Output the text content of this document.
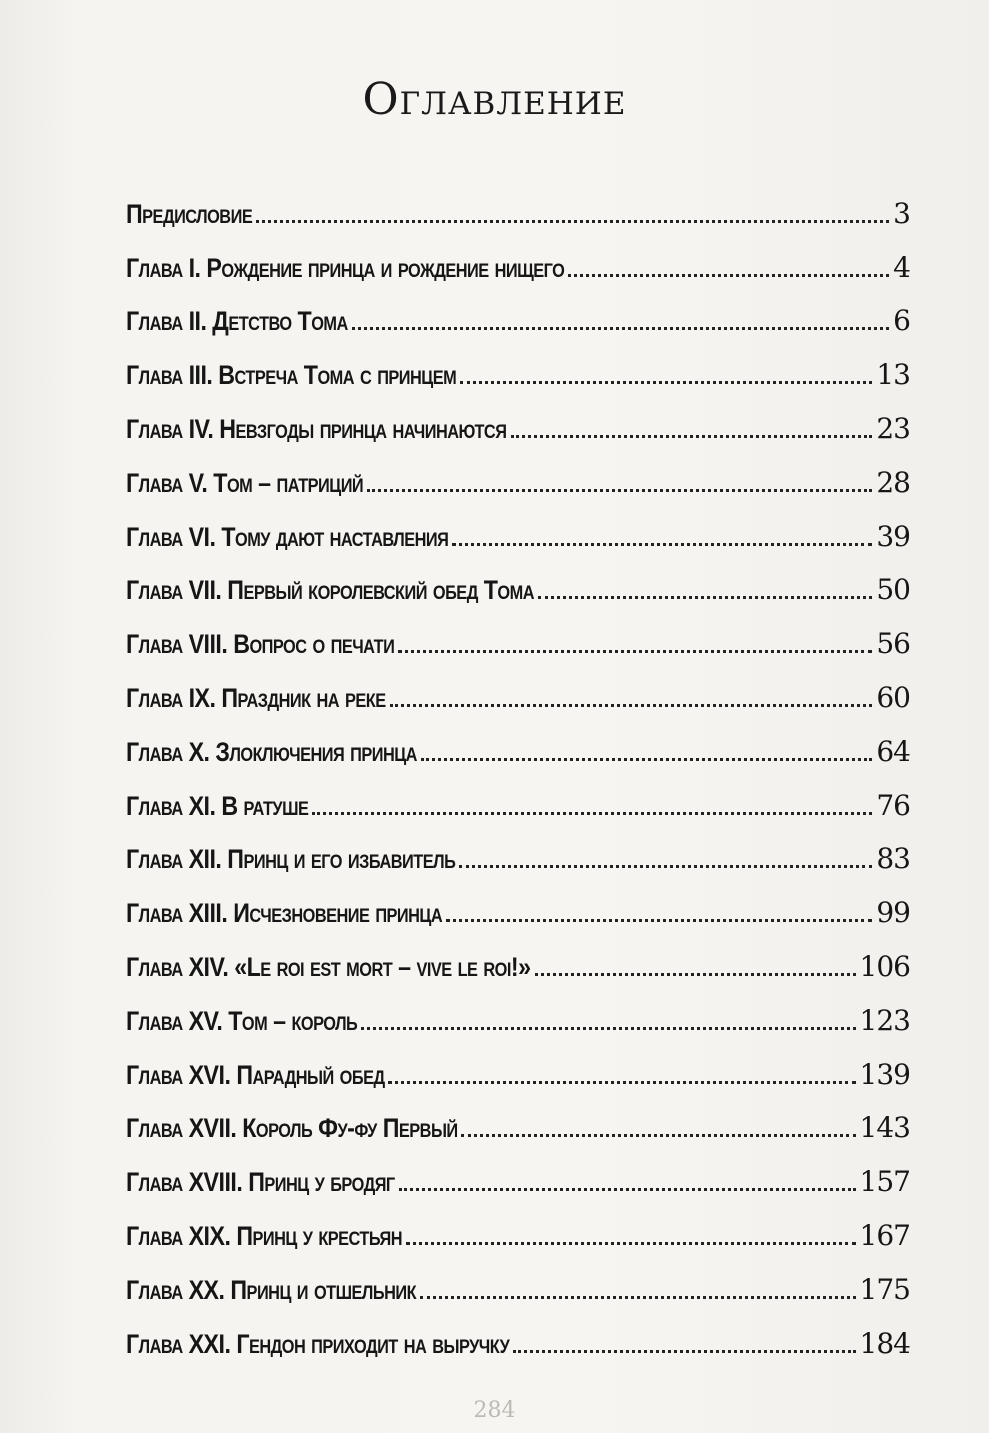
Оглавление
Предисловие	3
Глава I. Рождение принца и рождение нищего	4
Глава II. Детство Тома	6
Глава III. Встреча Тома с принцем	13
Глава IV. Невзгоды принца начинаются	23
Глава V. Том – патриций	28
Глава VI. Тому дают наставления	39
Глава VII. Первый королевский обед Тома	50
Глава VIII. Вопрос о печати	56
Глава IX. Праздник на реке	60
Глава X. Злоключения принца	64
Глава XI. В ратуше	76
Глава XII. Принц и его избавитель	83
Глава XIII. Исчезновение принца	99
Глава XIV. «Le roi est mort – vive le roi!»	106
Глава XV. Том – король	123
Глава XVI. Парадный обед	139
Глава XVII. Король Фу-фу Первый	143
Глава XVIII. Принц у бродяг	157
Глава XIX. Принц у крестьян	167
Глава XX. Принц и отшельник	175
Глава XXI. Гендон приходит на выручку	184
284
